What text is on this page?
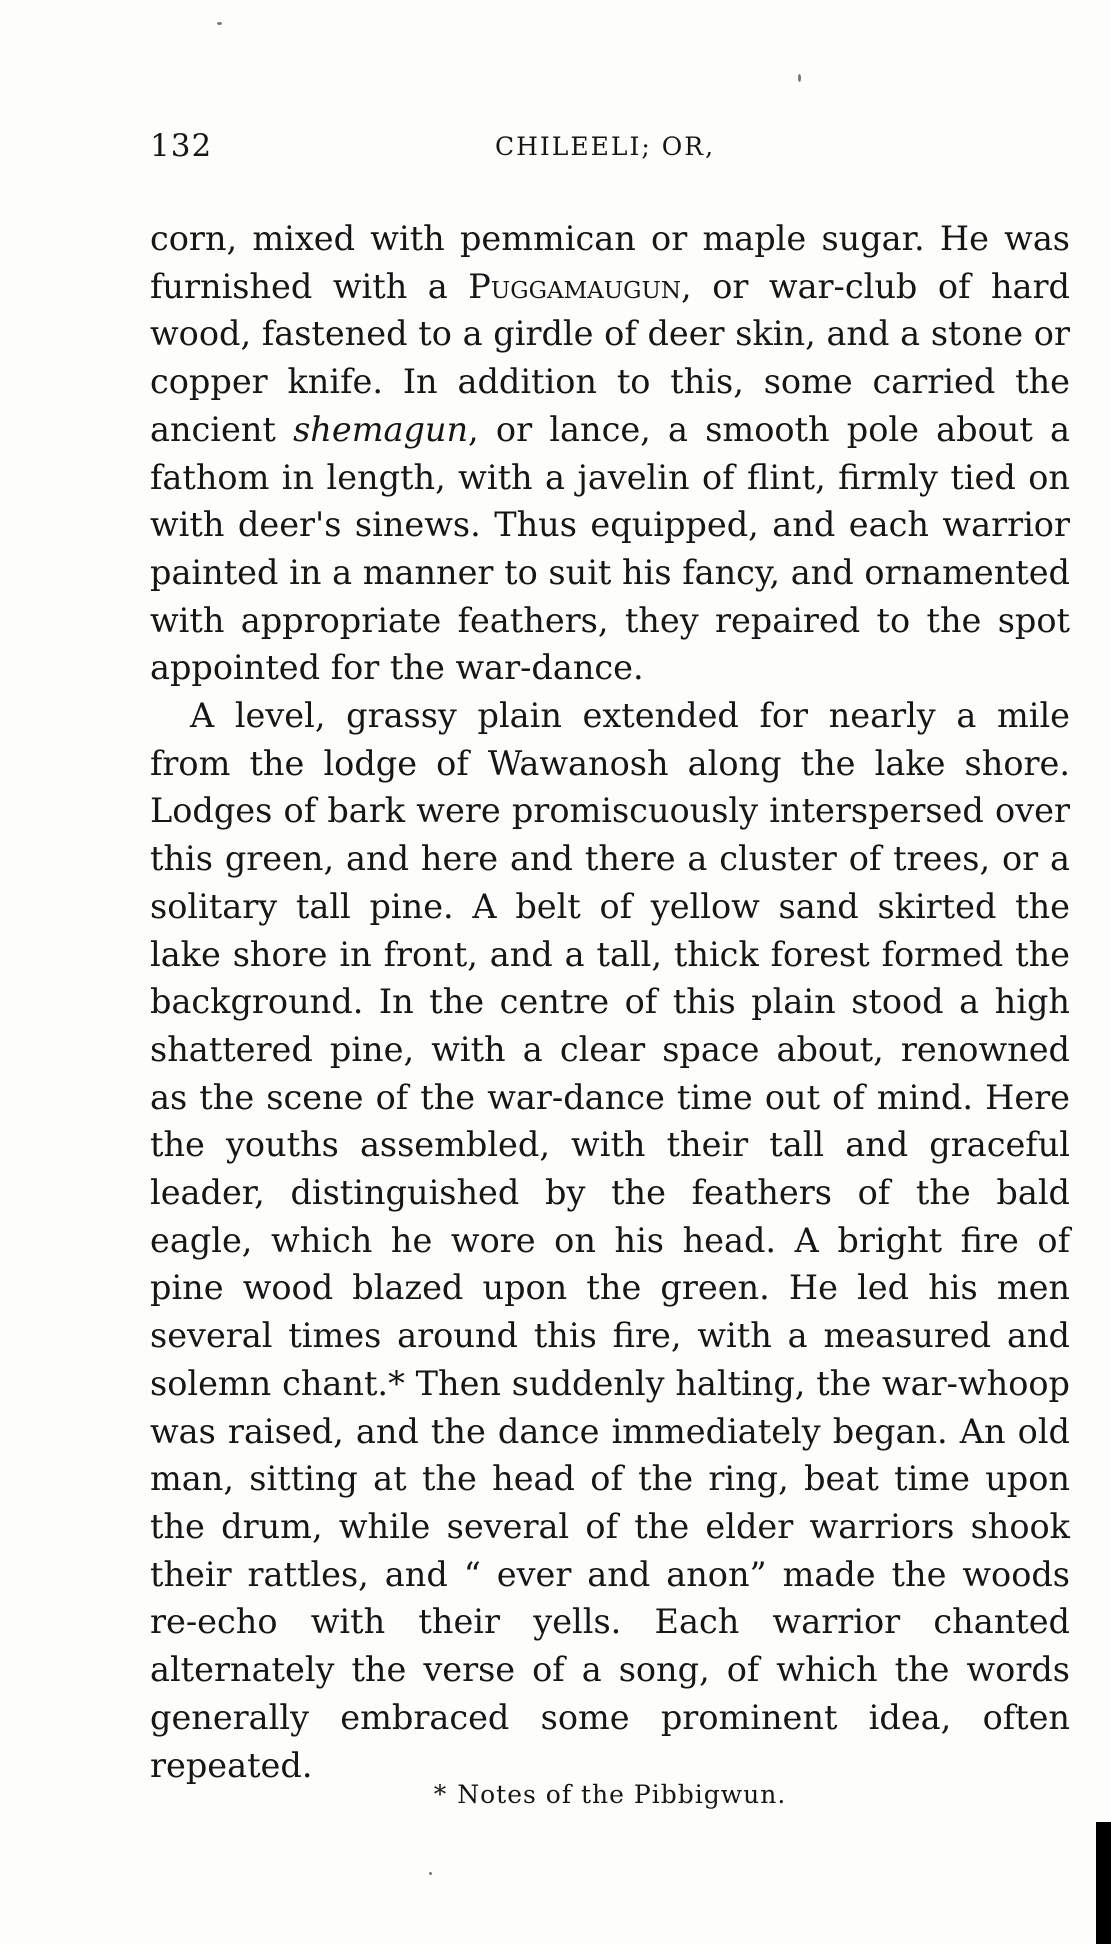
132	CHILEELI; OR,

corn, mixed with pemmican or maple sugar. He was furnished with a Puggamaugun, or war-club of hard wood, fastened to a girdle of deer skin, and a stone or copper knife. In addition to this, some carried the ancient shemagun, or lance, a smooth pole about a fathom in length, with a javelin of flint, firmly tied on with deer's sinews. Thus equipped, and each warrior painted in a manner to suit his fancy, and ornamented with appropriate feathers, they repaired to the spot appointed for the war-dance.

A level, grassy plain extended for nearly a mile from the lodge of Wawanosh along the lake shore. Lodges of bark were promiscuously interspersed over this green, and here and there a cluster of trees, or a solitary tall pine. A belt of yellow sand skirted the lake shore in front, and a tall, thick forest formed the background. In the centre of this plain stood a high shattered pine, with a clear space about, renowned as the scene of the war-dance time out of mind. Here the youths assembled, with their tall and graceful leader, distinguished by the feathers of the bald eagle, which he wore on his head. A bright fire of pine wood blazed upon the green. He led his men several times around this fire, with a measured and solemn chant.* Then suddenly halting, the war-whoop was raised, and the dance immediately began. An old man, sitting at the head of the ring, beat time upon the drum, while several of the elder warriors shook their rattles, and “ ever and anon” made the woods re-echo with their yells. Each warrior chanted alternately the verse of a song, of which the words generally embraced some prominent idea, often repeated.

* Notes of the Pibbigwun.
